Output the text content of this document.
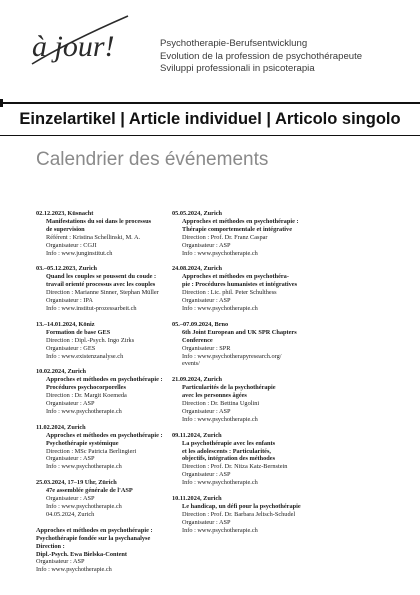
à jour!	Psychotherapie-Berufsentwicklung
Evolution de la profession de psychothérapeute
Sviluppi professionali in psicoterapia
Einzelartikel | Article individuel | Articolo singolo
Calendrier des événements
02.12.2023, Küsnacht
Manifestations du soi dans le processus
de supervision
Référent : Kristina Schellinski, M. A.
Organisateur : CGJI
Info : www.junginstitut.ch
03.–05.12.2023, Zurich
Quand les couples se poussent du coude :
travail orienté processus avec les couples
Direction : Marianne Sinner, Stephan Müller
Organisateur : IPA
Info : www.institut-prozessarbeit.ch
13.–14.01.2024, Köniz
Formation de base GES
Direction : Dipl.-Psych. Ingo Zirks
Organisateur : GES
Info : www.existenzanalyse.ch
10.02.2024, Zurich
Approches et méthodes en psychothérapie :
Procédures psychocorporelles
Direction : Dr. Margit Koemeda
Organisateur : ASP
Info : www.psychotherapie.ch
11.02.2024, Zurich
Approches et méthodes en psychothérapie :
Psychothérapie systémique
Direction : MSc Patricia Berlingieri
Organisateur : ASP
Info : www.psychotherapie.ch
25.03.2024, 17–19 Uhr, Zürich
47e assemblée générale de l'ASP
Organisateur : ASP
Info : www.psychotherapie.ch
04.05.2024, Zurich
Approches et méthodes en psychothérapie :
Psychothérapie fondée sur la psychanalyse
Direction :
Dipl.-Psych. Ewa Bielska-Content
Organisateur : ASP
Info : www.psychotherapie.ch
05.05.2024, Zurich
Approches et méthodes en psychothérapie :
Thérapie comportementale et intégrative
Direction : Prof. Dr. Franz Caspar
Organisateur : ASP
Info : www.psychotherapie.ch
24.08.2024, Zurich
Approches et méthodes en psychothéra-
pie : Procédures humanistes et intégratives
Direction : Lic. phil. Peter Schulthess
Organisateur : ASP
Info : www.psychotherapie.ch
05.–07.09.2024, Brno
6th Joint European and UK SPR Chapters
Conference
Organisateur : SPR
Info : www.psychotherapyresearch.org/
events/
21.09.2024, Zurich
Particularités de la psychothérapie
avec les personnes âgées
Direction : Dr. Bettina Ugolini
Organisateur : ASP
Info : www.psychotherapie.ch
09.11.2024, Zurich
La psychothérapie avec les enfants
et les adolescents : Particularités,
objectifs, intégration des méthodes
Direction : Prof. Dr. Nitza Katz-Bernstein
Organisateur : ASP
Info : www.psychotherapie.ch
10.11.2024, Zurich
Le handicap, un défi pour la psychothérapie
Direction : Prof. Dr. Barbara Jeltsch-Schudel
Organisateur : ASP
Info : www.psychotherapie.ch
